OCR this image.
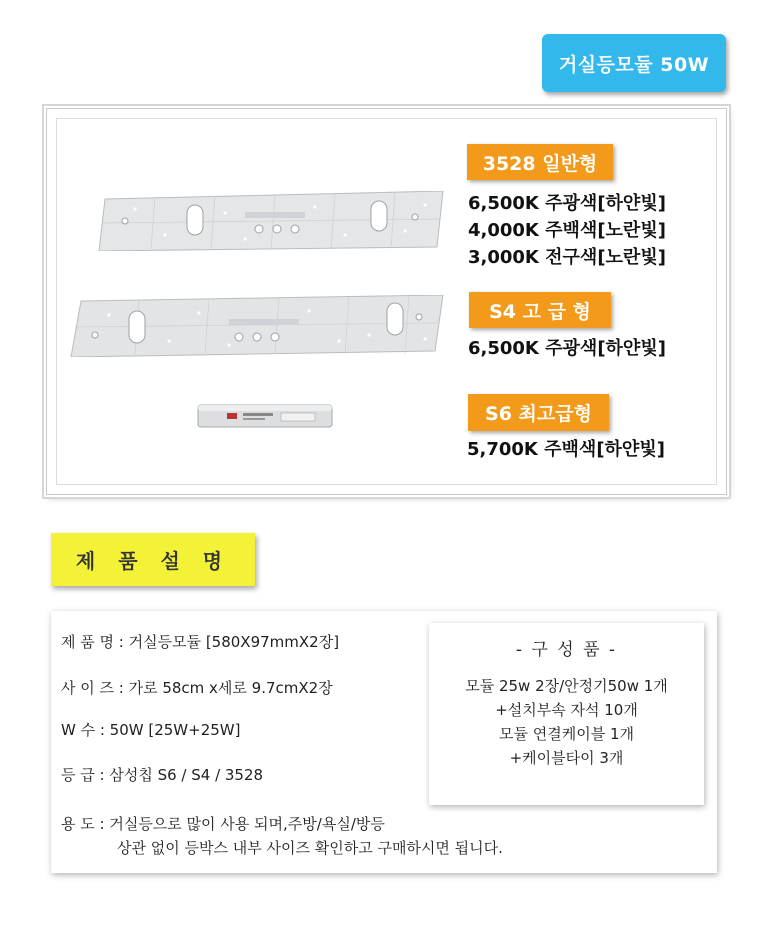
거실등모듈 50W
3528 일반형
6,500K 주광색[하얀빛]
4,000K 주백색[노란빛]
3,000K 전구색[노란빛]
S4 고 급 형
6,500K 주광색[하얀빛]
S6 최고급형
5,700K 주백색[하얀빛]
제 품 설 명
제 품 명 : 거실등모듈 [580X97mmX2장]
사 이 즈 : 가로 58cm x세로 9.7cmX2장
W 수 : 50W [25W+25W]
등 급 : 삼성칩 S6 / S4 / 3528
용 도 : 거실등으로 많이 사용 되며,주방/욕실/방등
상관 없이 등박스 내부 사이즈 확인하고 구매하시면 됩니다.
- 구 성 품 -
모듈 25w 2장/안정기50w 1개
+설치부속 자석 10개
모듈 연결케이블 1개
+케이블타이 3개
